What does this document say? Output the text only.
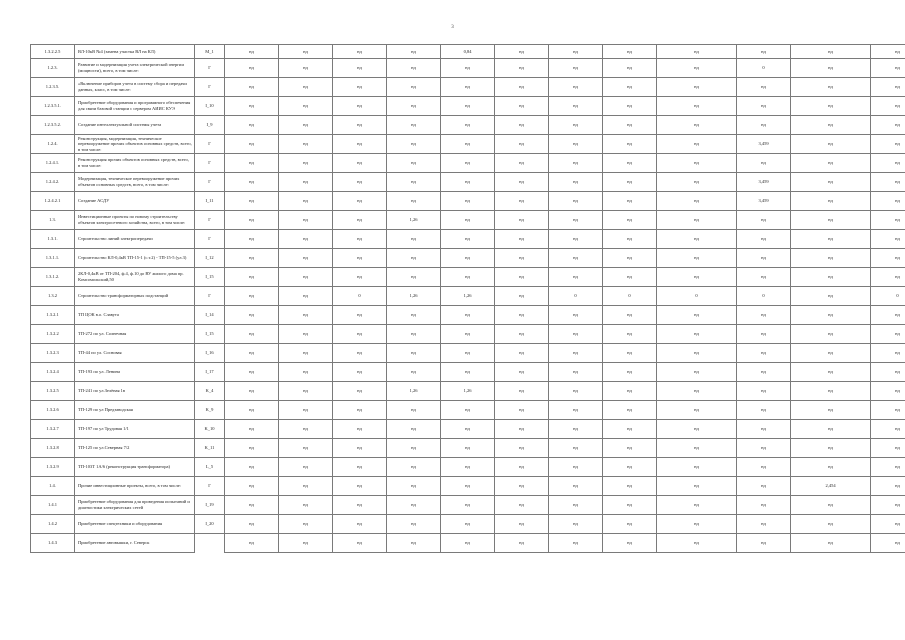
3
1.3.2.2.5	ВЛ-10кВ №4 (замена участка ВЛ на КЛ)	M_1	нд	нд	нд	нд	0,84	нд	нд	нд	нд	нд	нд	нд
1.2.3.	Развитие и модернизация учета электрической энергии (мощности), всего, в том числе:	Г	нд	нд	нд	нд	нд	нд	нд	нд	нд	0	нд	нд
1.2.3.5.	«Включение приборов учета в систему сбора и передачи данных, класс, в том числе:	Г	нд	нд	нд	нд	нд	нд	нд	нд	нд	нд	нд	нд
1.2.3.5.1.	Приобретение оборудования и программного обеспечения для связи базовой станции с сервером АИИС КУЭ	I_10	нд	нд	нд	нд	нд	нд	нд	нд	нд	нд	нд	нд
1.2.3.5.2.	Создание интеллектуальной системы учета	I_9	нд	нд	нд	нд	нд	нд	нд	нд	нд	нд	нд	нд
1.2.4.	Реконструкция, модернизация, техническое перевооружение прочих объектов основных средств, всего, в том числе:	Г	нд	нд	нд	нд	нд	нд	нд	нд	нд	3,459	нд	нд
1.2.4.1.	Реконструкция прочих объектов основных средств, всего, в том числе:	Г	нд	нд	нд	нд	нд	нд	нд	нд	нд	нд	нд	нд
1.2.4.2.	Модернизация, техническое перевооружение прочих объектов основных средств, всего, в том числе:	Г	нд	нд	нд	нд	нд	нд	нд	нд	нд	3,459	нд	нд
1.2.4.2.1	Создание АСДУ	I_11	нд	нд	нд	нд	нд	нд	нд	нд	нд	3,459	нд	нд
1.3.	Инвестиционные проекты по новому строительству объектов электросетевого хозяйства, всего, в том числе:	Г	нд	нд	нд	1,26	нд	нд	нд	нд	нд	нд	нд	нд
1.3.1.	Строительство линий электропередачи	Г	нд	нд	нд	нд	нд	нд	нд	нд	нд	нд	нд	нд
1.3.1.1.	Строительство КЛ-0,4кВ ТП-15-1 (с.т.2) - ТП-15-5 (ул.3)	I_12	нд	нд	нд	нд	нд	нд	нд	нд	нд	нд	нд	нд
1.3.1.2.	2КЛ-0,4кВ от ТП-204, ф.4, ф.10 до ВУ жилого дома пр. Комсомольский,50	I_15	нд	нд	нд	нд	нд	нд	нд	нд	нд	нд	нд	нд
1.3.2	Строительство трансформаторных подстанций	Г	нд	нд	0	1,26	1,26	нд	0	0	0	0	нд	0
1.3.2.1	ТП ЦОК в.о. Славута	I_14	нд	нд	нд	нд	нд	нд	нд	нд	нд	нд	нд	нд
1.3.2.2	ТП-272 по ул. Солнечная	I_15	нд	нд	нд	нд	нд	нд	нд	нд	нд	нд	нд	нд
1.3.2.3	ТП-44 по ул. Сосновая	I_16	нд	нд	нд	нд	нд	нд	нд	нд	нд	нд	нд	нд
1.3.2.4	ТП-193 по ул. Ленина	I_17	нд	нд	нд	нд	нд	нд	нд	нд	нд	нд	нд	нд
1.3.2.5	ТП-241 по ул.Зелёная 1в	K_4	нд	нд	нд	1,26	1,26	нд	нд	нд	нд	нд	нд	нд
1.3.2.6	ТП-129 по ул Предзаводская	K_9	нд	нд	нд	нд	нд	нд	нд	нд	нд	нд	нд	нд
1.3.2.7	ТП-197 по ул Трудовая 1/1	K_10	нд	нд	нд	нд	нд	нд	нд	нд	нд	нд	нд	нд
1.3.2.8	ТП-125 по ул.Северная 7/2	K_11	нд	нд	нд	нд	нд	нд	нд	нд	нд	нд	нд	нд
1.3.2.9	ТП-103Т 1А/6 (реконструкция трансформатора)	L_5	нд	нд	нд	нд	нд	нд	нд	нд	нд	нд	нд	нд
1.4.	Прочие инвестиционные проекты, всего, в том числе:	Г	нд	нд	нд	нд	нд	нд	нд	нд	нд	нд	2,454	нд
1.4.1	Приобретение оборудования для проведения испытаний и диагностики электрических сетей	I_19	нд	нд	нд	нд	нд	нд	нд	нд	нд	нд	нд	нд
1.4.2	Приобретение спецтехники и оборудования	I_20	нд	нд	нд	нд	нд	нд	нд	нд	нд	нд	нд	нд
1.4.3	Приобретение автовышки, г. Северск		нд	нд	нд	нд	нд	нд	нд	нд	нд	нд	нд	нд
